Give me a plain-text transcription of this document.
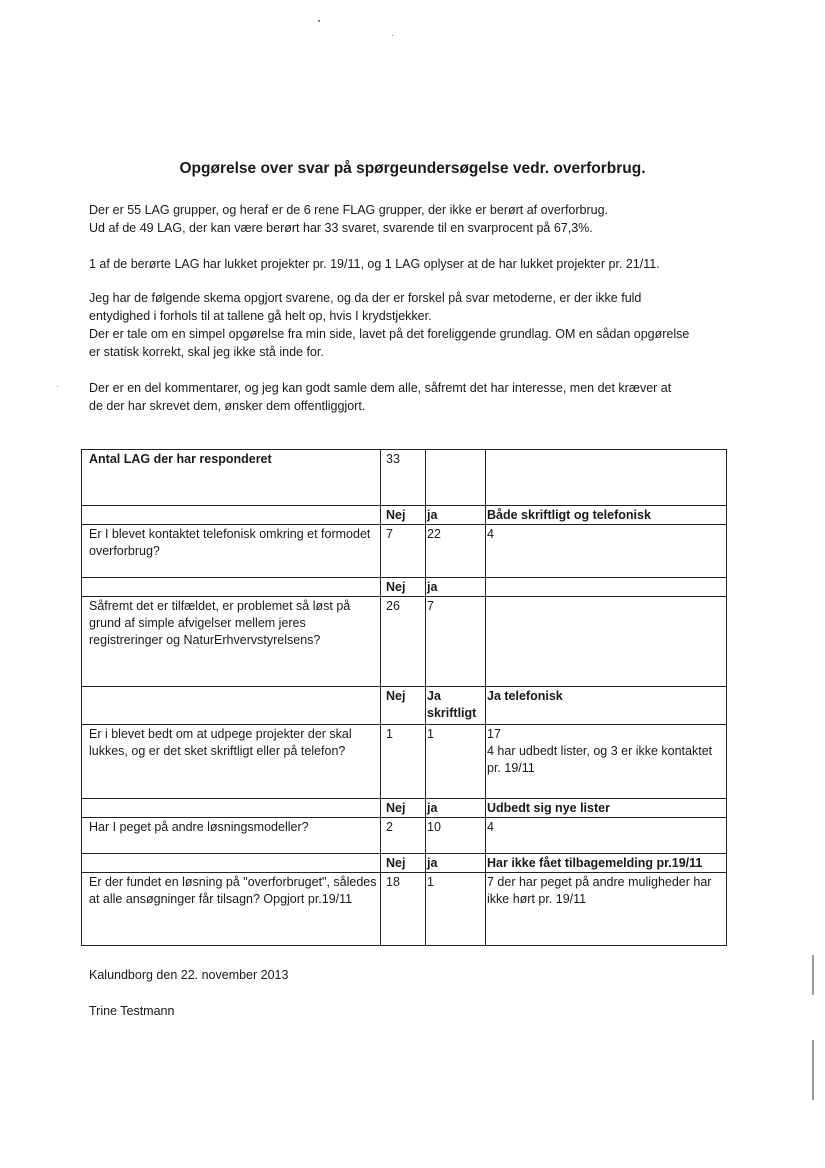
Opgørelse over svar på spørgeundersøgelse vedr. overforbrug.

Der er 55 LAG grupper, og heraf er de 6 rene FLAG grupper, der ikke er berørt af overforbrug.

Ud af de 49 LAG, der kan være berørt har 33 svaret, svarende til en svarprocent på 67,3%.

1 af de berørte LAG har lukket projekter pr. 19/11, og 1 LAG oplyser at de har lukket projekter pr. 21/11.

Jeg har de følgende skema opgjort svarene, og da der er forskel på svar metoderne, er der ikke fuld

entydighed i forhols til at tallene gå helt op, hvis I krydstjekker.

Der er tale om en simpel opgørelse fra min side, lavet på det foreliggende grundlag. OM en sådan opgørelse

er statisk korrekt, skal jeg ikke stå inde for.

Der er en del kommentarer, og jeg kan godt samle dem alle, såfremt det har interesse, men det kræver at

de der har skrevet dem, ønsker dem offentliggjort.

Antal LAG der har responderet	33		
	Nej	ja	Både skriftligt og telefonisk
Er I blevet kontaktet telefonisk omkring et formodet overforbrug?	7	22	4
	Nej	ja	
Såfremt det er tilfældet, er problemet så løst på grund af simple afvigelser mellem jeres registreringer og NaturErhvervstyrelsens?	26	7	
	Nej	Ja skriftligt	Ja telefonisk
Er i blevet bedt om at udpege projekter der skal lukkes, og er det sket skriftligt eller på telefon?	1	1	17
4 har udbedt lister, og 3 er ikke kontaktet pr. 19/11

	Nej	ja	Udbedt sig nye lister
Har I peget på andre løsningsmodeller?	2	10	4
	Nej	ja	Har ikke fået tilbagemelding pr.19/11
Er der fundet en løsning på "overforbruget", således at alle ansøgninger får tilsagn? Opgjort pr.19/11	18	1	7 der har peget på andre muligheder har ikke hørt pr. 19/11
Kalundborg den 22. november 2013
Trine Testmann
